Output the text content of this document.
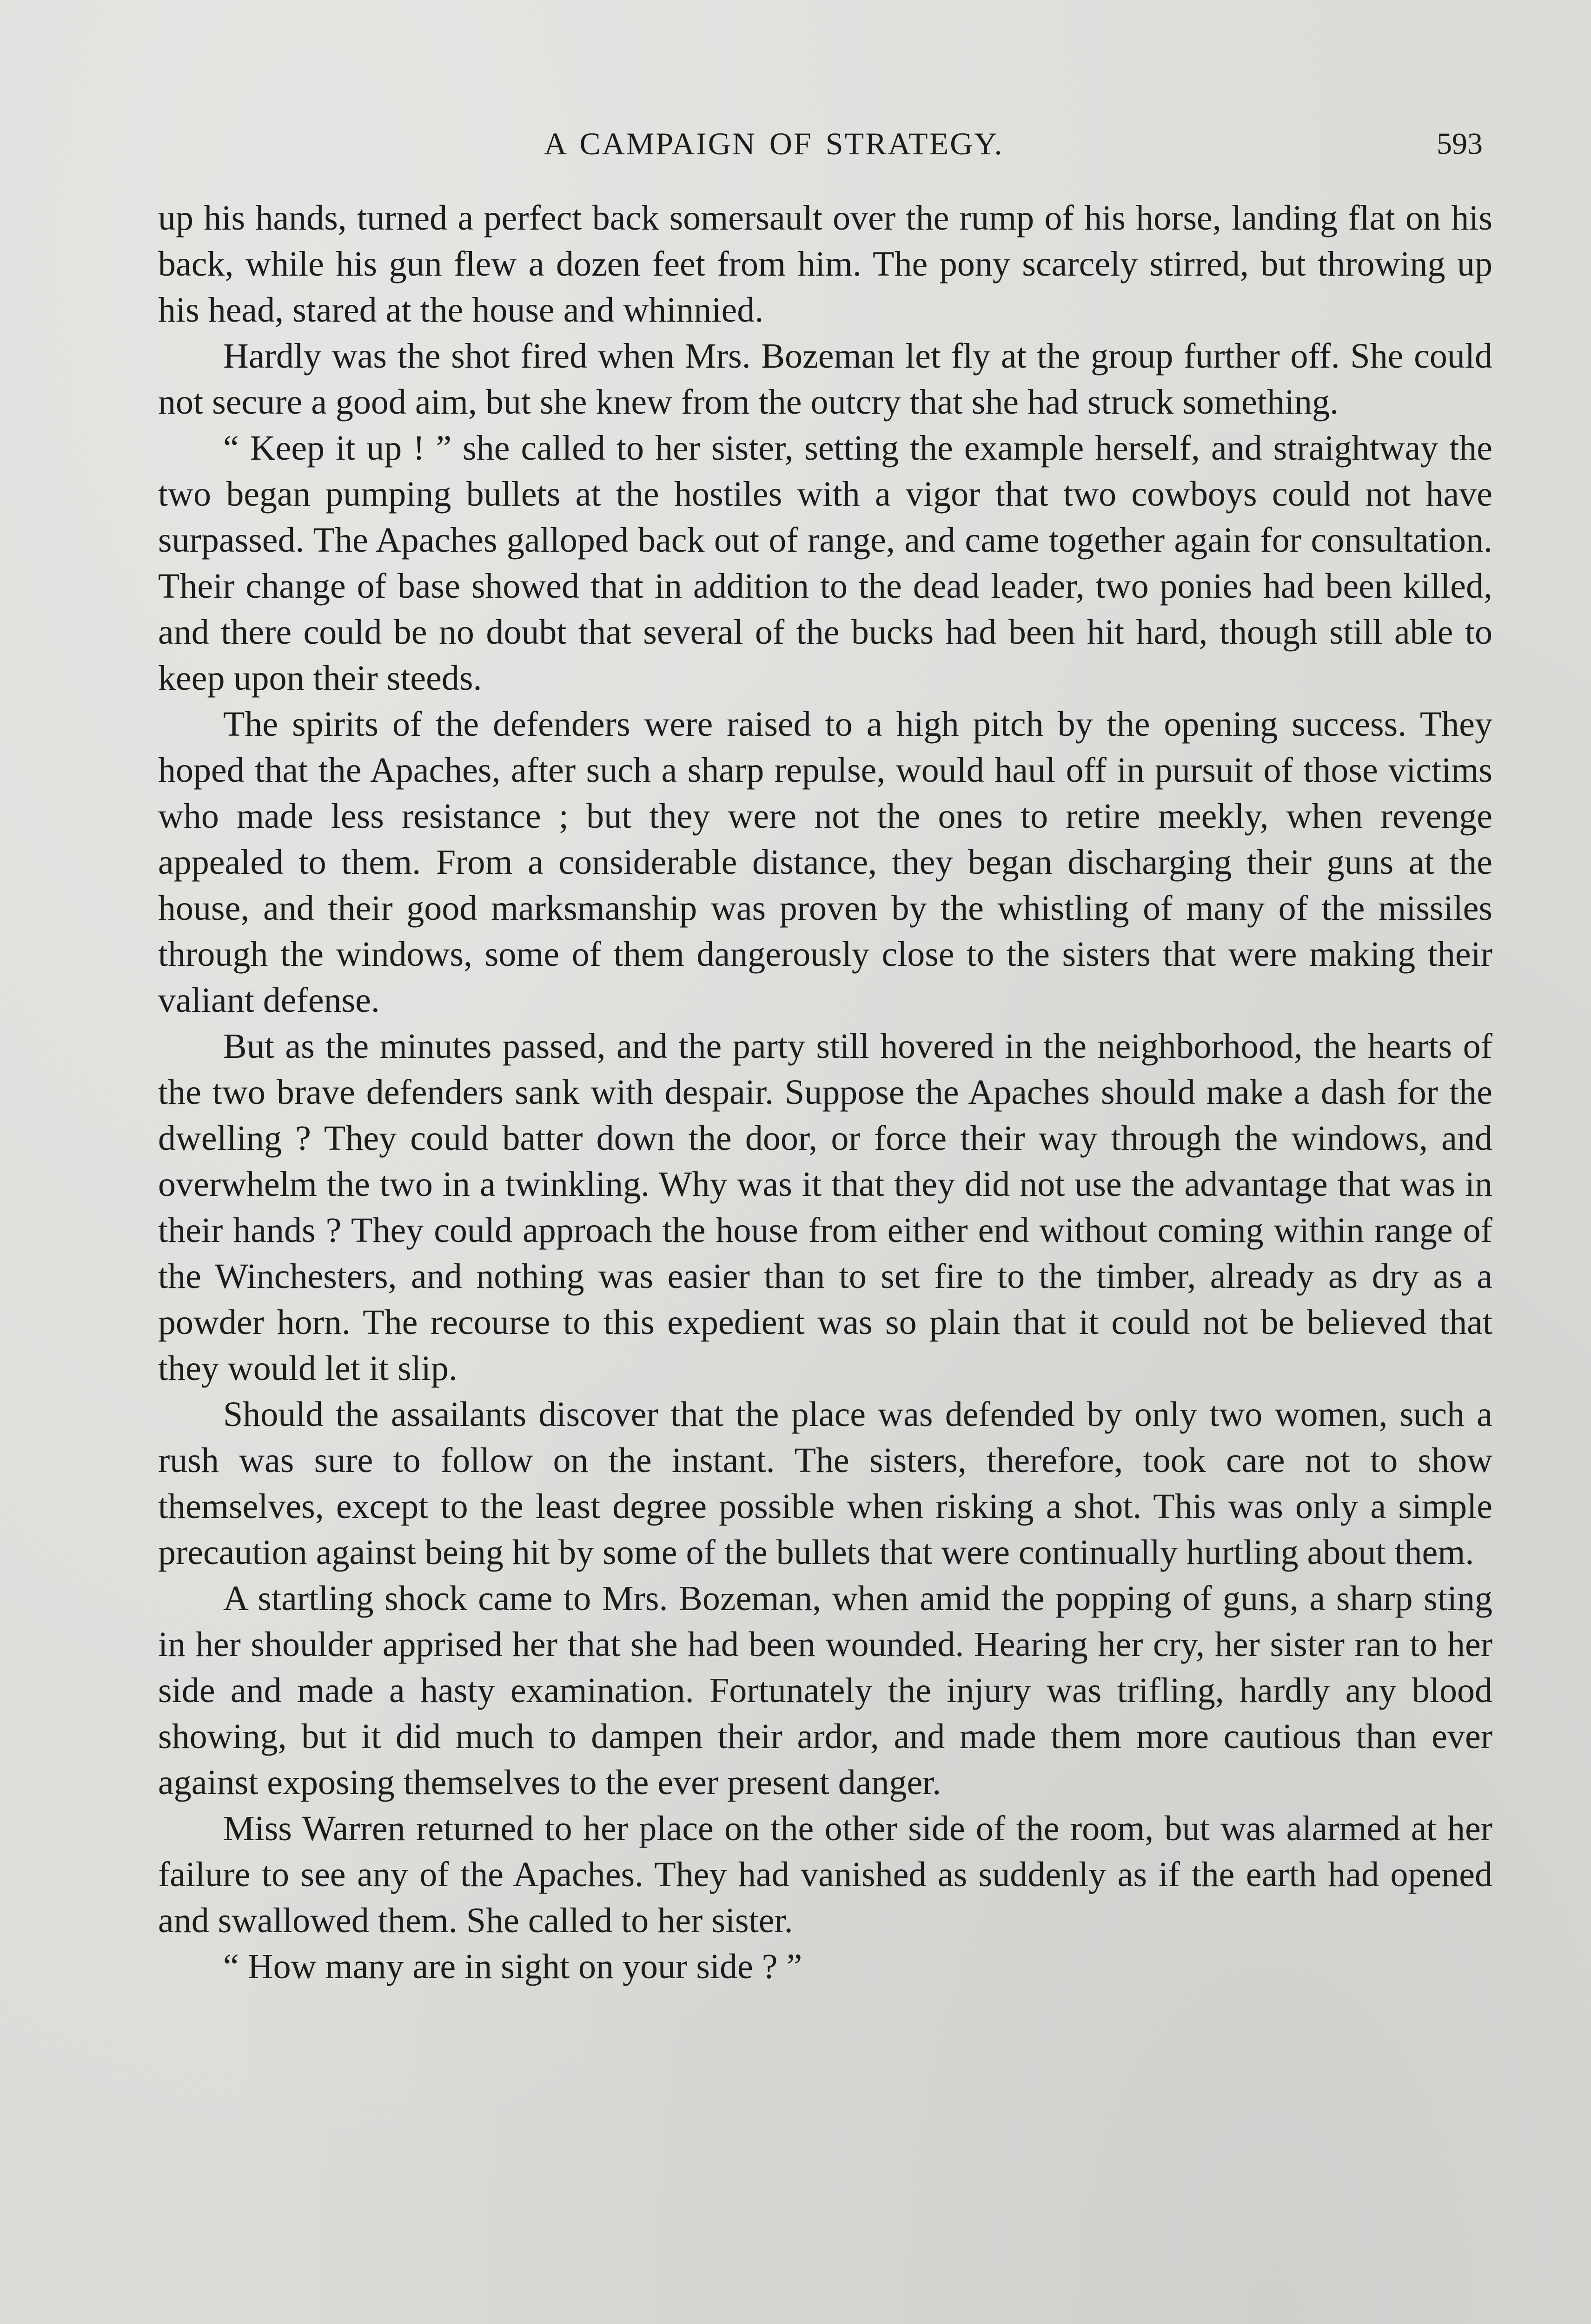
A CAMPAIGN OF STRATEGY.	593

up his hands, turned a perfect back somersault over the rump of his horse, landing flat on his back, while his gun flew a dozen feet from him. The pony scarcely stirred, but throwing up his head, stared at the house and whinnied.

Hardly was the shot fired when Mrs. Bozeman let fly at the group further off. She could not secure a good aim, but she knew from the outcry that she had struck something.

“ Keep it up ! ” she called to her sister, setting the example herself, and straightway the two began pumping bullets at the hostiles with a vigor that two cowboys could not have surpassed. The Apaches galloped back out of range, and came together again for consultation. Their change of base showed that in addition to the dead leader, two ponies had been killed, and there could be no doubt that several of the bucks had been hit hard, though still able to keep upon their steeds.

The spirits of the defenders were raised to a high pitch by the opening success. They hoped that the Apaches, after such a sharp repulse, would haul off in pursuit of those victims who made less resistance ; but they were not the ones to retire meekly, when revenge appealed to them. From a considerable distance, they began discharging their guns at the house, and their good marksmanship was proven by the whistling of many of the missiles through the windows, some of them dangerously close to the sisters that were making their valiant defense.

But as the minutes passed, and the party still hovered in the neighborhood, the hearts of the two brave defenders sank with despair. Suppose the Apaches should make a dash for the dwelling ? They could batter down the door, or force their way through the windows, and overwhelm the two in a twinkling. Why was it that they did not use the advantage that was in their hands ? They could approach the house from either end without coming within range of the Winchesters, and nothing was easier than to set fire to the timber, already as dry as a powder horn. The recourse to this expedient was so plain that it could not be believed that they would let it slip.

Should the assailants discover that the place was defended by only two women, such a rush was sure to follow on the instant. The sisters, therefore, took care not to show themselves, except to the least degree possible when risking a shot. This was only a simple precaution against being hit by some of the bullets that were continually hurtling about them.

A startling shock came to Mrs. Bozeman, when amid the popping of guns, a sharp sting in her shoulder apprised her that she had been wounded. Hearing her cry, her sister ran to her side and made a hasty examination. Fortunately the injury was trifling, hardly any blood showing, but it did much to dampen their ardor, and made them more cautious than ever against exposing themselves to the ever present danger.

Miss Warren returned to her place on the other side of the room, but was alarmed at her failure to see any of the Apaches. They had vanished as suddenly as if the earth had opened and swallowed them. She called to her sister.

“ How many are in sight on your side ? ”
